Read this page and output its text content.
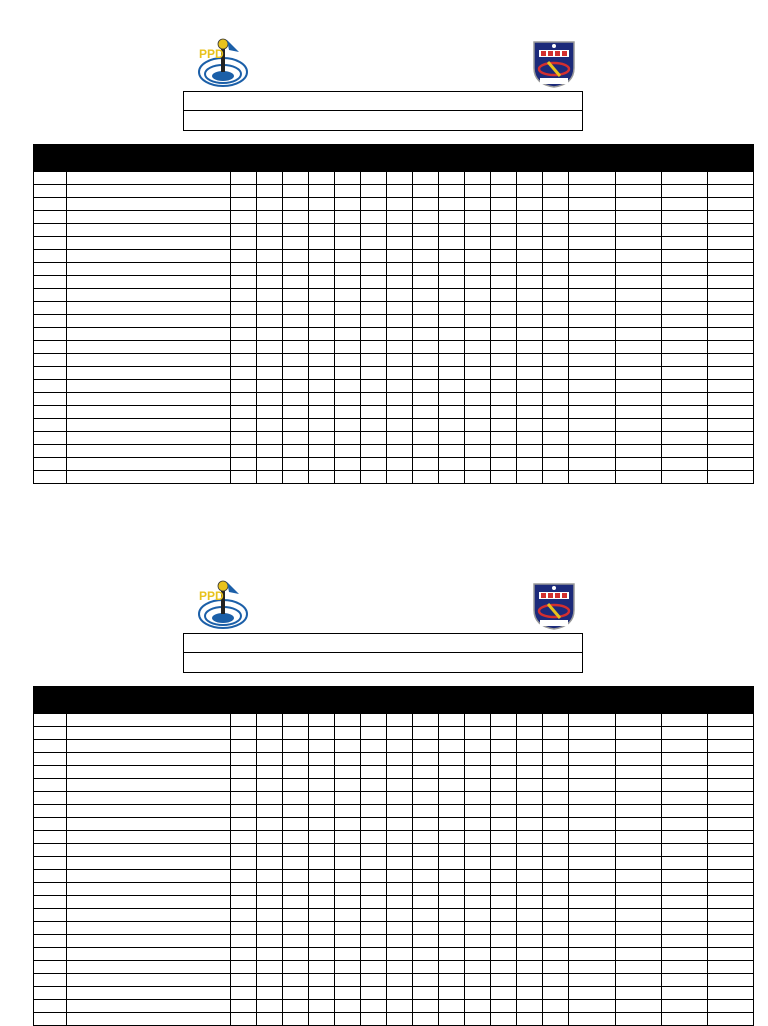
PPD

PPD
